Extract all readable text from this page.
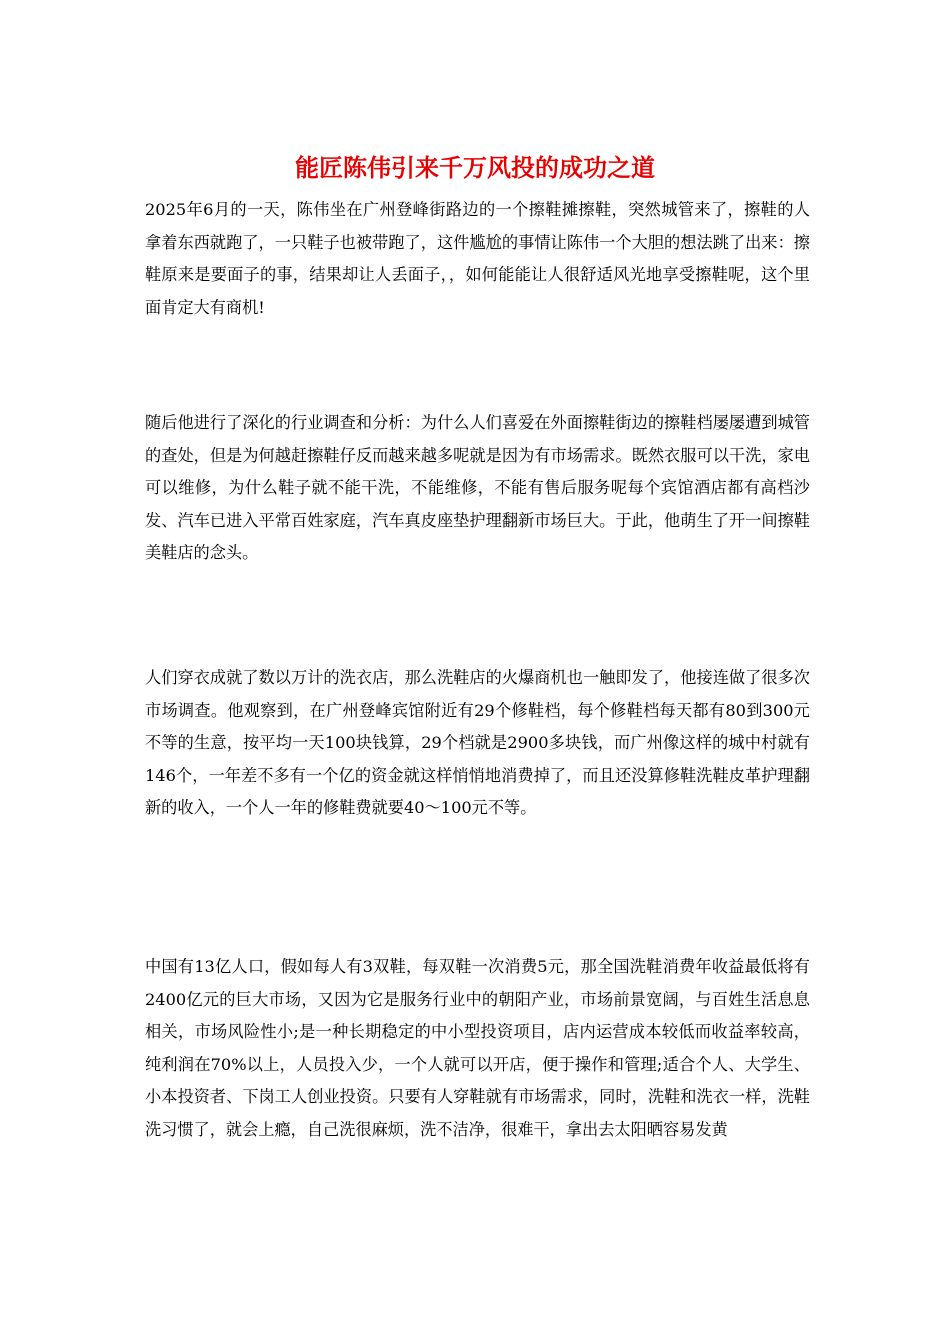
能匠陈伟引来千万风投的成功之道

2025年6月的一天，陈伟坐在广州登峰街路边的一个擦鞋摊擦鞋，突然城管来了，擦鞋的人拿着东西就跑了，一只鞋子也被带跑了，这件尴尬的事情让陈伟一个大胆的想法跳了出来：擦鞋原来是要面子的事，结果却让人丢面子，，如何能能让人很舒适风光地享受擦鞋呢，这个里面肯定大有商机!

随后他进行了深化的行业调查和分析：为什么人们喜爱在外面擦鞋街边的擦鞋档屡屡遭到城管的查处，但是为何越赶擦鞋仔反而越来越多呢就是因为有市场需求。既然衣服可以干洗，家电可以维修，为什么鞋子就不能干洗，不能维修，不能有售后服务呢每个宾馆酒店都有高档沙发、汽车已进入平常百姓家庭，汽车真皮座垫护理翻新市场巨大。于此，他萌生了开一间擦鞋美鞋店的念头。

人们穿衣成就了数以万计的洗衣店，那么洗鞋店的火爆商机也一触即发了，他接连做了很多次市场调查。他观察到，在广州登峰宾馆附近有29个修鞋档，每个修鞋档每天都有80到300元不等的生意，按平均一天100块钱算，29个档就是2900多块钱，而广州像这样的城中村就有146个，一年差不多有一个亿的资金就这样悄悄地消费掉了，而且还没算修鞋洗鞋皮革护理翻新的收入，一个人一年的修鞋费就要40～100元不等。

中国有13亿人口，假如每人有3双鞋，每双鞋一次消费5元，那全国洗鞋消费年收益最低将有2400亿元的巨大市场，又因为它是服务行业中的朝阳产业，市场前景宽阔，与百姓生活息息相关，市场风险性小;是一种长期稳定的中小型投资项目，店内运营成本较低而收益率较高，纯利润在70%以上，人员投入少，一个人就可以开店，便于操作和管理;适合个人、大学生、小本投资者、下岗工人创业投资。只要有人穿鞋就有市场需求，同时，洗鞋和洗衣一样，洗鞋洗习惯了，就会上瘾，自己洗很麻烦，洗不洁净，很难干，拿出去太阳晒容易发黄
